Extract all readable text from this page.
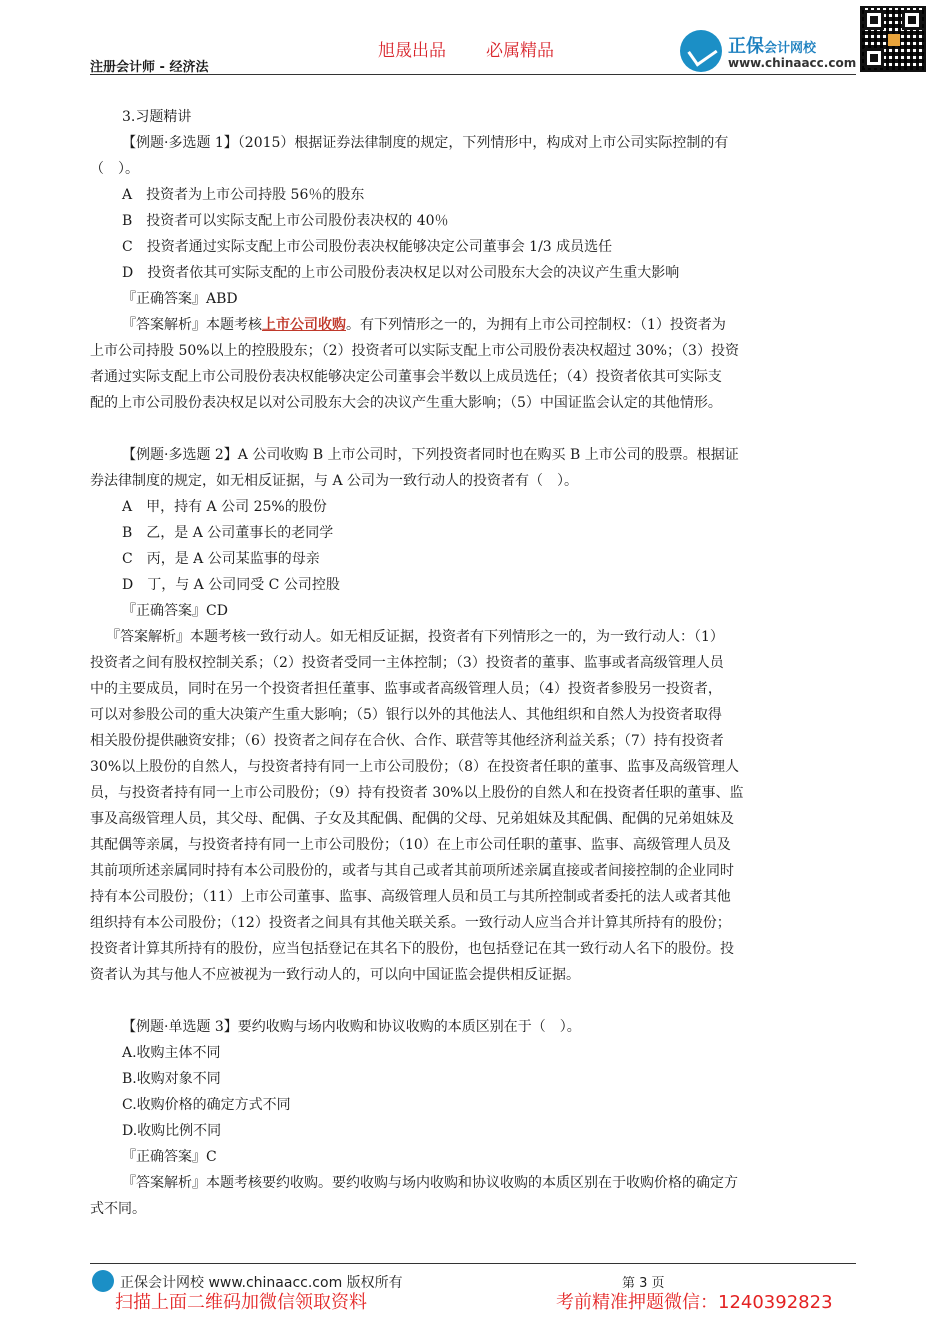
旭晟出品 必属精品
注册会计师 - 经济法
正保会计网校
www.chinaacc.com

3.习题精讲

【例题·多选题 1】（2015）根据证券法律制度的规定，下列情形中，构成对上市公司实际控制的有

（　）。

A　投资者为上市公司持股 56％的股东

B　投资者可以实际支配上市公司股份表决权的 40％

C　投资者通过实际支配上市公司股份表决权能够决定公司董事会 1/3 成员选任

D　投资者依其可实际支配的上市公司股份表决权足以对公司股东大会的决议产生重大影响

『正确答案』ABD

『答案解析』本题考核上市公司收购。有下列情形之一的，为拥有上市公司控制权：（1）投资者为

上市公司持股 50%以上的控股股东；（2）投资者可以实际支配上市公司股份表决权超过 30%；（3）投资

者通过实际支配上市公司股份表决权能够决定公司董事会半数以上成员选任；（4）投资者依其可实际支

配的上市公司股份表决权足以对公司股东大会的决议产生重大影响；（5）中国证监会认定的其他情形。

【例题·多选题 2】A 公司收购 B 上市公司时，下列投资者同时也在购买 B 上市公司的股票。根据证

券法律制度的规定，如无相反证据，与 A 公司为一致行动人的投资者有（　）。

A　甲，持有 A 公司 25%的股份

B　乙，是 A 公司董事长的老同学

C　丙，是 A 公司某监事的母亲

D　丁，与 A 公司同受 C 公司控股

『正确答案』CD

『答案解析』本题考核一致行动人。如无相反证据，投资者有下列情形之一的，为一致行动人：（1）

投资者之间有股权控制关系；（2）投资者受同一主体控制；（3）投资者的董事、监事或者高级管理人员

中的主要成员，同时在另一个投资者担任董事、监事或者高级管理人员；（4）投资者参股另一投资者，

可以对参股公司的重大决策产生重大影响；（5）银行以外的其他法人、其他组织和自然人为投资者取得

相关股份提供融资安排；（6）投资者之间存在合伙、合作、联营等其他经济利益关系；（7）持有投资者

30%以上股份的自然人，与投资者持有同一上市公司股份；（8）在投资者任职的董事、监事及高级管理人

员，与投资者持有同一上市公司股份；（9）持有投资者 30%以上股份的自然人和在投资者任职的董事、监

事及高级管理人员，其父母、配偶、子女及其配偶、配偶的父母、兄弟姐妹及其配偶、配偶的兄弟姐妹及

其配偶等亲属，与投资者持有同一上市公司股份；（10）在上市公司任职的董事、监事、高级管理人员及

其前项所述亲属同时持有本公司股份的，或者与其自己或者其前项所述亲属直接或者间接控制的企业同时

持有本公司股份；（11）上市公司董事、监事、高级管理人员和员工与其所控制或者委托的法人或者其他

组织持有本公司股份；（12）投资者之间具有其他关联关系。一致行动人应当合并计算其所持有的股份；

投资者计算其所持有的股份，应当包括登记在其名下的股份，也包括登记在其一致行动人名下的股份。投

资者认为其与他人不应被视为一致行动人的，可以向中国证监会提供相反证据。

【例题·单选题 3】要约收购与场内收购和协议收购的本质区别在于（　）。

A.收购主体不同

B.收购对象不同

C.收购价格的确定方式不同

D.收购比例不同

『正确答案』C

『答案解析』本题考核要约收购。要约收购与场内收购和协议收购的本质区别在于收购价格的确定方

式不同。

正保会计网校 www.chinaacc.com 版权所有	第 3 页
扫描上面二维码加微信领取资料	考前精准押题微信：1240392823
